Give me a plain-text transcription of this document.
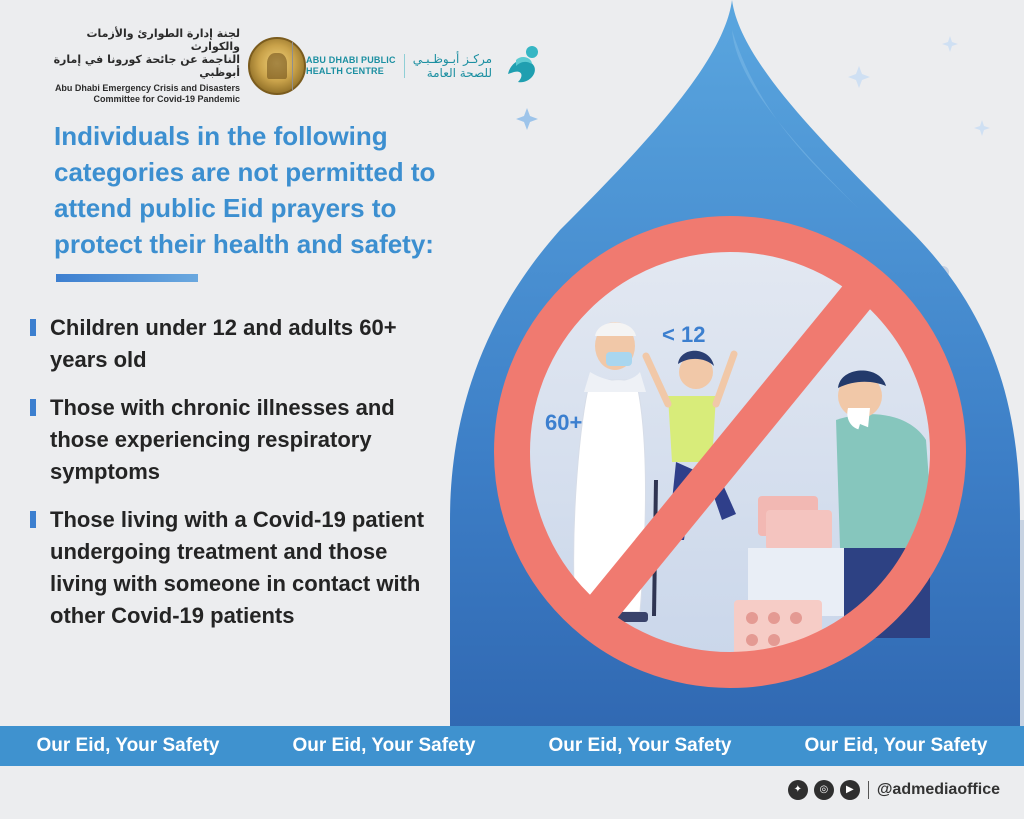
لجنة إدارة الطوارئ والأزمات والكوارث
الناجمة عن جائحة كورونا في إمارة أبوظبي
Abu Dhabi Emergency Crisis and Disasters
Committee for Covid-19 Pandemic
ABU DHABI PUBLIC
HEALTH CENTRE
مركـز أبـوظـبـي
للصحة العامة
Individuals in the following categories are not permitted to attend public Eid prayers to protect their health and safety:
Children under 12 and adults 60+ years old
Those with chronic illnesses and those experiencing respiratory symptoms
Those living with a Covid-19 patient undergoing treatment and those living with someone in contact with other Covid-19 patients
60+
< 12
Our Eid, Your Safety	Our Eid, Your Safety	Our Eid, Your Safety	Our Eid, Your Safety
✦	◎	▶	@admediaoffice
